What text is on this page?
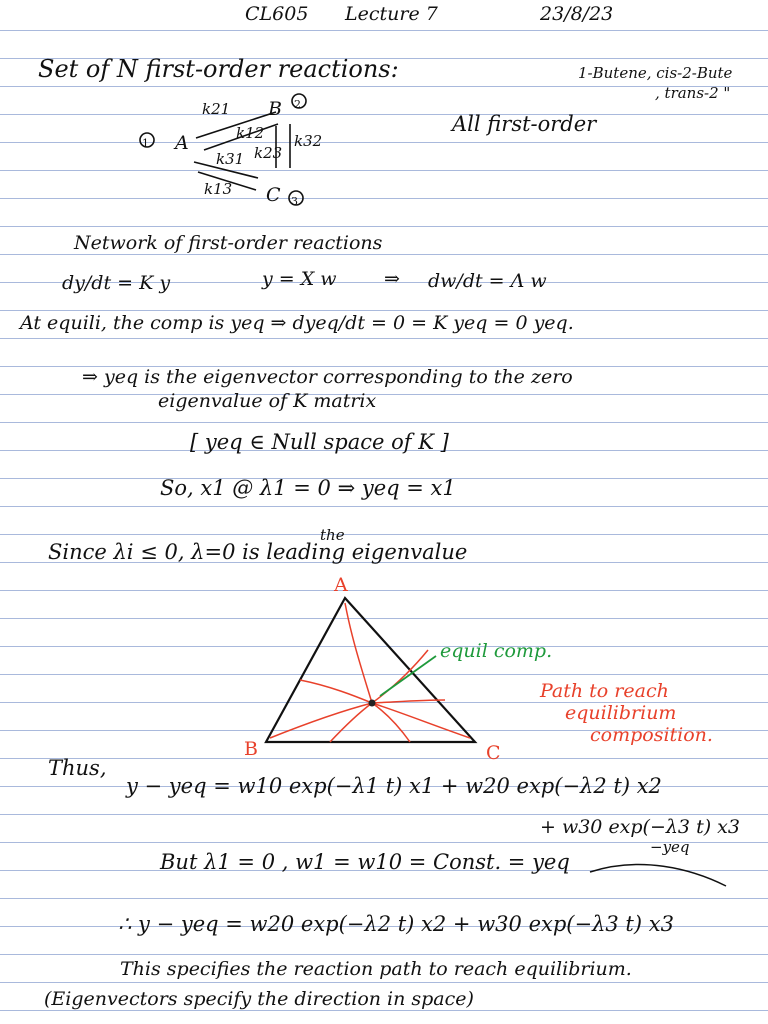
CL605 Lecture 7	23/8/23
Set of N first-order reactions:	1-Butene, cis-2-Bute
, trans-2 "
All first-order
1
2
3
A
B
C
k21
k12
k31 k23
k32
k13
Network of first-order reactions
dy/dt = K y	y = X w ⇒ dw/dt = Λ w
At equili, the comp is yeq ⇒ dyeq/dt = 0 = K yeq = 0 yeq.
⇒ yeq is the eigenvector corresponding to the zero
eigenvalue of K matrix
[ yeq ∈ Null space of K ]
So, x1 @ λ1 = 0 ⇒ yeq = x1
the
Since λi ≤ 0, λ=0 is leading eigenvalue
A
B	C
equil comp.
Path to reach
equilibrium
composition.
Thus,
y − yeq = w10 exp(−λ1 t) x1 + w20 exp(−λ2 t) x2
+ w30 exp(−λ3 t) x3
−yeq
But λ1 = 0 , w1 = w10 = Const. = yeq
∴ y − yeq = w20 exp(−λ2 t) x2 + w30 exp(−λ3 t) x3
This specifies the reaction path to reach equilibrium.
(Eigenvectors specify the direction in space)
